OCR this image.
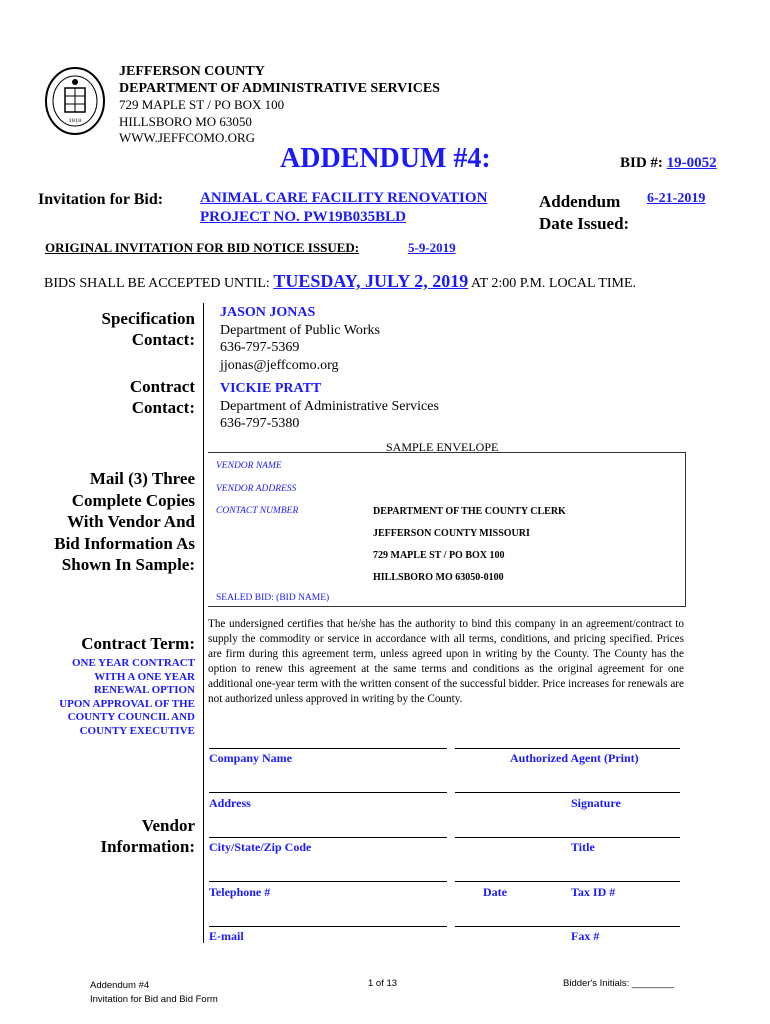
1818
JEFFERSON COUNTY
DEPARTMENT OF ADMINISTRATIVE SERVICES
729 MAPLE ST / PO BOX 100
HILLSBORO MO 63050
WWW.JEFFCOMO.ORG
ADDENDUM #4:	BID #: 19-0052
Invitation for Bid: ANIMAL CARE FACILITY RENOVATION
PROJECT NO. PW19B035BLD
Addendum
Date Issued:
6-21-2019
ORIGINAL INVITATION FOR BID NOTICE ISSUED:	5-9-2019
BIDS SHALL BE ACCEPTED UNTIL: TUESDAY, JULY 2, 2019 AT 2:00 P.M. LOCAL TIME.
Specification
Contact:
JASON JONAS
Department of Public Works
636-797-5369
jjonas@jeffcomo.org
Contract
Contact:
VICKIE PRATT
Department of Administrative Services
636-797-5380
Mail (3) Three
Complete Copies
With Vendor And
Bid Information As
Shown In Sample:
SAMPLE ENVELOPE
VENDOR NAME
VENDOR ADDRESS
CONTACT NUMBER	DEPARTMENT OF THE COUNTY CLERK
JEFFERSON COUNTY MISSOURI
729 MAPLE ST / PO BOX 100
HILLSBORO MO 63050-0100
SEALED BID: (BID NAME)
Contract Term:
ONE YEAR CONTRACT
WITH A ONE YEAR
RENEWAL OPTION
UPON APPROVAL OF THE
COUNTY COUNCIL AND
COUNTY EXECUTIVE
The undersigned certifies that he/she has the authority to bind this company in an agreement/contract to supply the commodity or service in accordance with all terms, conditions, and pricing specified. Prices are firm during this agreement term, unless agreed upon in writing by the County. The County has the option to renew this agreement at the same terms and conditions as the original agreement for one additional one-year term with the written consent of the successful bidder. Price increases for renewals are not authorized unless approved in writing by the County.
Vendor
Information:
Company Name	Authorized Agent (Print)
Address	Signature
City/State/Zip Code	Title
Telephone #	Date	Tax ID #
E-mail	Fax #
Addendum #4
Invitation for Bid and Bid Form
1 of 13	Bidder's Initials: ________
